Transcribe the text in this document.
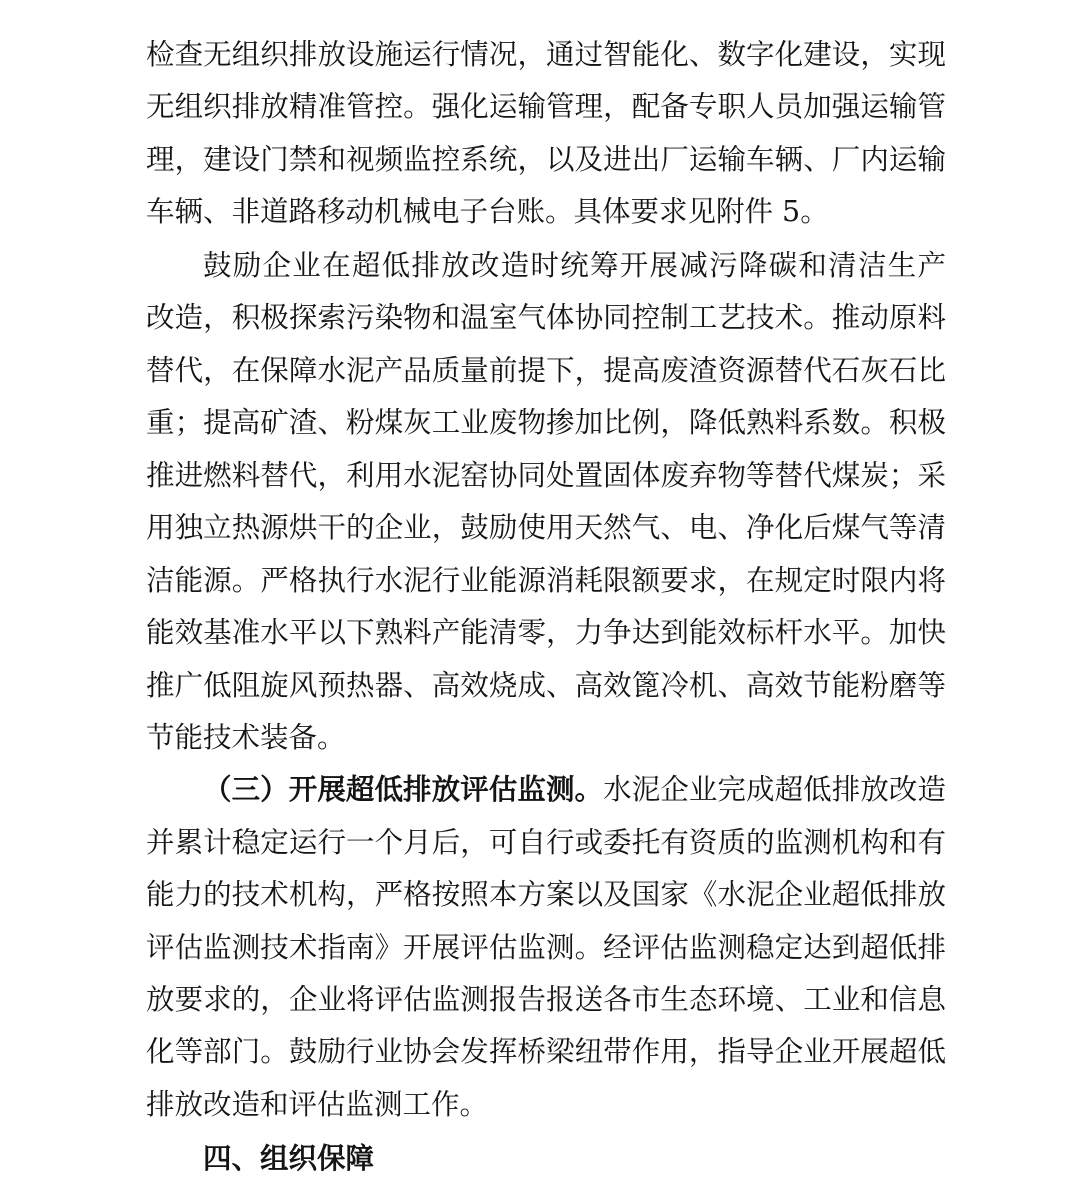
检查无组织排放设施运行情况，通过智能化、数字化建设，实现
无组织排放精准管控。强化运输管理，配备专职人员加强运输管
理，建设门禁和视频监控系统，以及进出厂运输车辆、厂内运输
车辆、非道路移动机械电子台账。具体要求见附件 5。
鼓励企业在超低排放改造时统筹开展减污降碳和清洁生产
改造，积极探索污染物和温室气体协同控制工艺技术。推动原料
替代，在保障水泥产品质量前提下，提高废渣资源替代石灰石比
重；提高矿渣、粉煤灰工业废物掺加比例，降低熟料系数。积极
推进燃料替代，利用水泥窑协同处置固体废弃物等替代煤炭；采
用独立热源烘干的企业，鼓励使用天然气、电、净化后煤气等清
洁能源。严格执行水泥行业能源消耗限额要求，在规定时限内将
能效基准水平以下熟料产能清零，力争达到能效标杆水平。加快
推广低阻旋风预热器、高效烧成、高效篦冷机、高效节能粉磨等
节能技术装备。
（三）开展超低排放评估监测。水泥企业完成超低排放改造
并累计稳定运行一个月后，可自行或委托有资质的监测机构和有
能力的技术机构，严格按照本方案以及国家《水泥企业超低排放
评估监测技术指南》开展评估监测。经评估监测稳定达到超低排
放要求的，企业将评估监测报告报送各市生态环境、工业和信息
化等部门。鼓励行业协会发挥桥梁纽带作用，指导企业开展超低
排放改造和评估监测工作。
四、组织保障
